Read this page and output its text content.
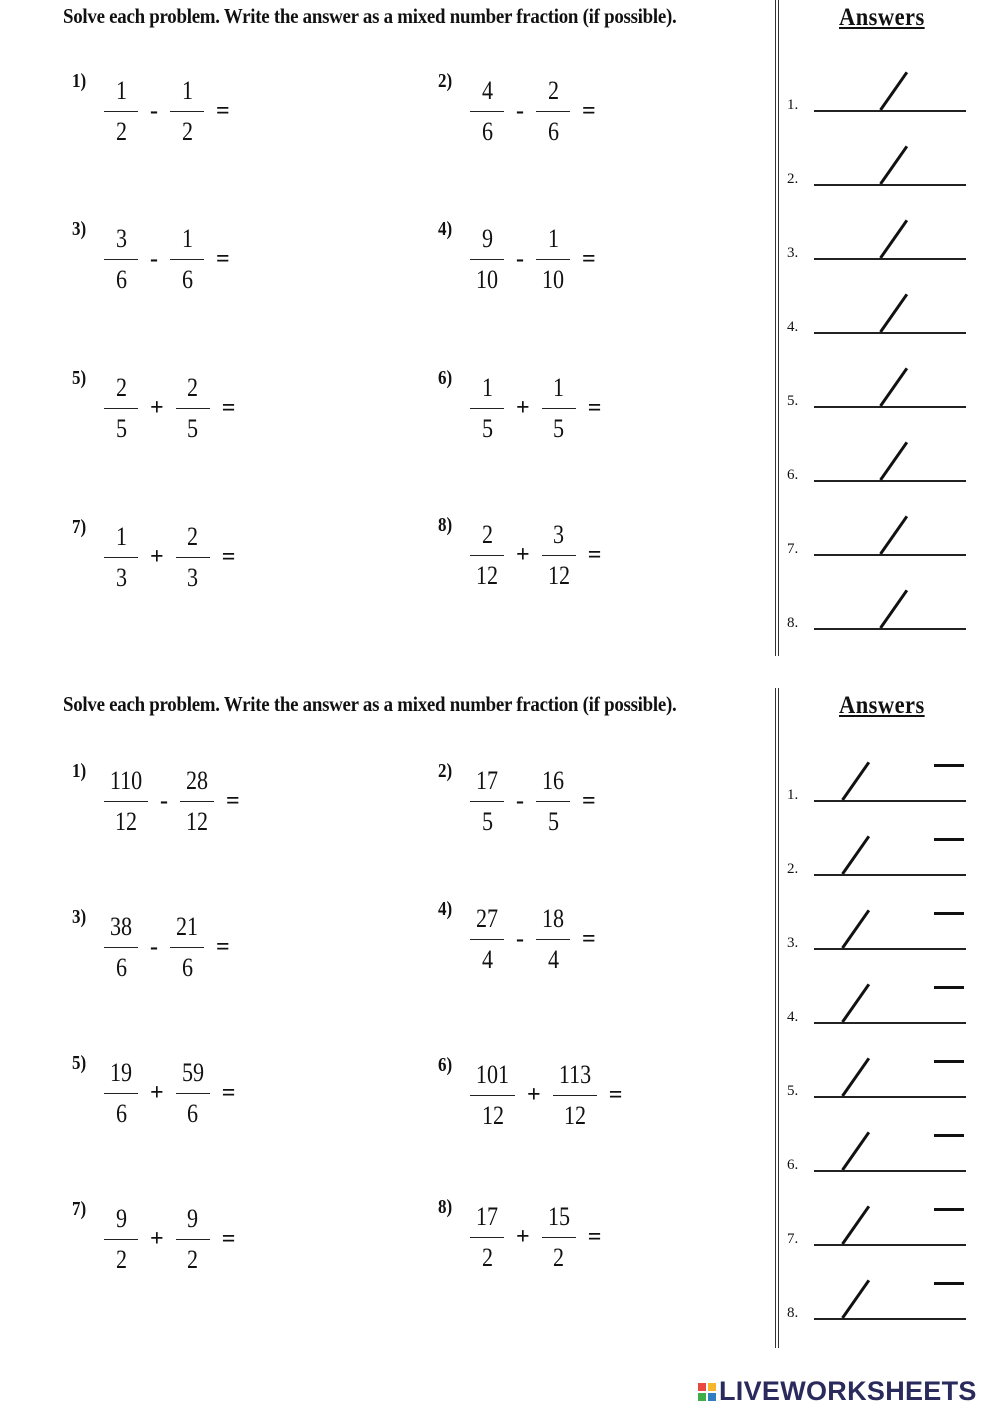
Solve each problem. Write the answer as a mixed number fraction (if possible).
$1) \frac{1}{2} - \frac{1}{2}$ =
$2) \frac{4}{6} - \frac{2}{6}$ =
$3) \frac{3}{6} - \frac{1}{6}$ =
$4) \frac{9}{10} - \frac{1}{10}$ =
$5) \frac{2}{5} + \frac{2}{5}$ =
$6) \frac{1}{5} + \frac{1}{5}$ =
$7) \frac{1}{3} + \frac{2}{3}$ =
$8) \frac{2}{12} + \frac{3}{12}$ =
Answers
1.
2.
3.
4.
5.
6.
7.
8.
Solve each problem. Write the answer as a mixed number fraction (if possible).
$1) \frac{110}{12} - \frac{28}{12}$ =
$2) \frac{17}{5} - \frac{16}{5}$ =
$3) \frac{38}{6} - \frac{21}{6}$ =
$4) \frac{27}{4} - \frac{18}{4}$ =
$5) \frac{19}{6} + \frac{59}{6}$ =
$6) \frac{101}{12} + \frac{113}{12}$ =
$7) \frac{9}{2} + \frac{9}{2}$ =
$8) \frac{17}{2} + \frac{15}{2}$ =
Answers
1.
2.
3.
4.
5.
6.
7.
8.
LIVEWORKSHEETS
